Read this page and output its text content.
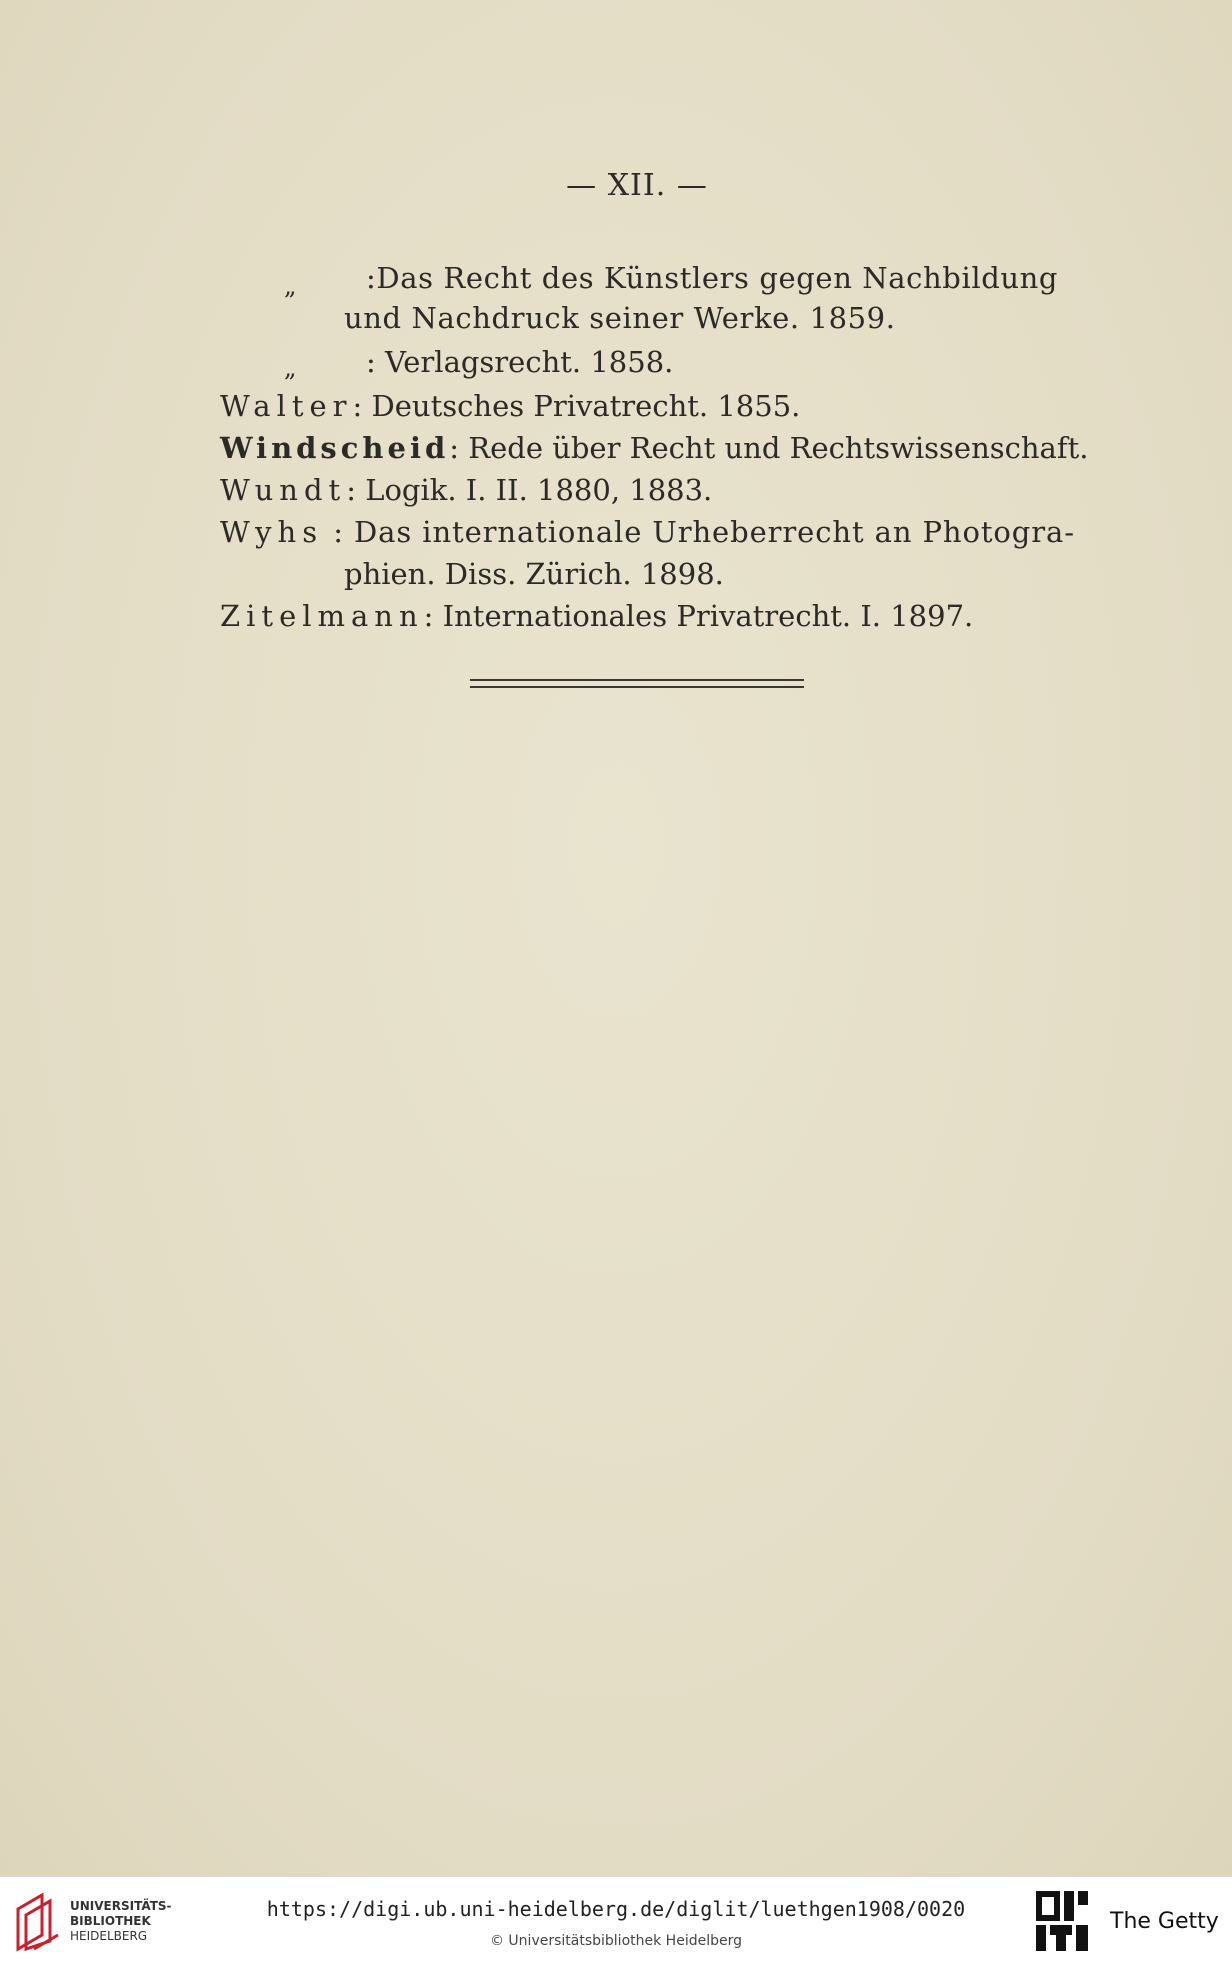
— XII. —
„ :Das Recht des Künstlers gegen Nachbildung
und Nachdruck seiner Werke. 1859.
„ : Verlagsrecht. 1858.
Walter: Deutsches Privatrecht. 1855.
Windscheid: Rede über Recht und Rechtswissenschaft.
Wundt: Logik. I. II. 1880, 1883.
Wyhs : Das internationale Urheberrecht an Photogra-
phien. Diss. Zürich. 1898.
Zitelmann: Internationales Privatrecht. I. 1897.
UNIVERSITÄTS-
BIBLIOTHEK
HEIDELBERG
https://digi.ub.uni-heidelberg.de/diglit/luethgen1908/0020
© Universitätsbibliothek Heidelberg
The Getty
